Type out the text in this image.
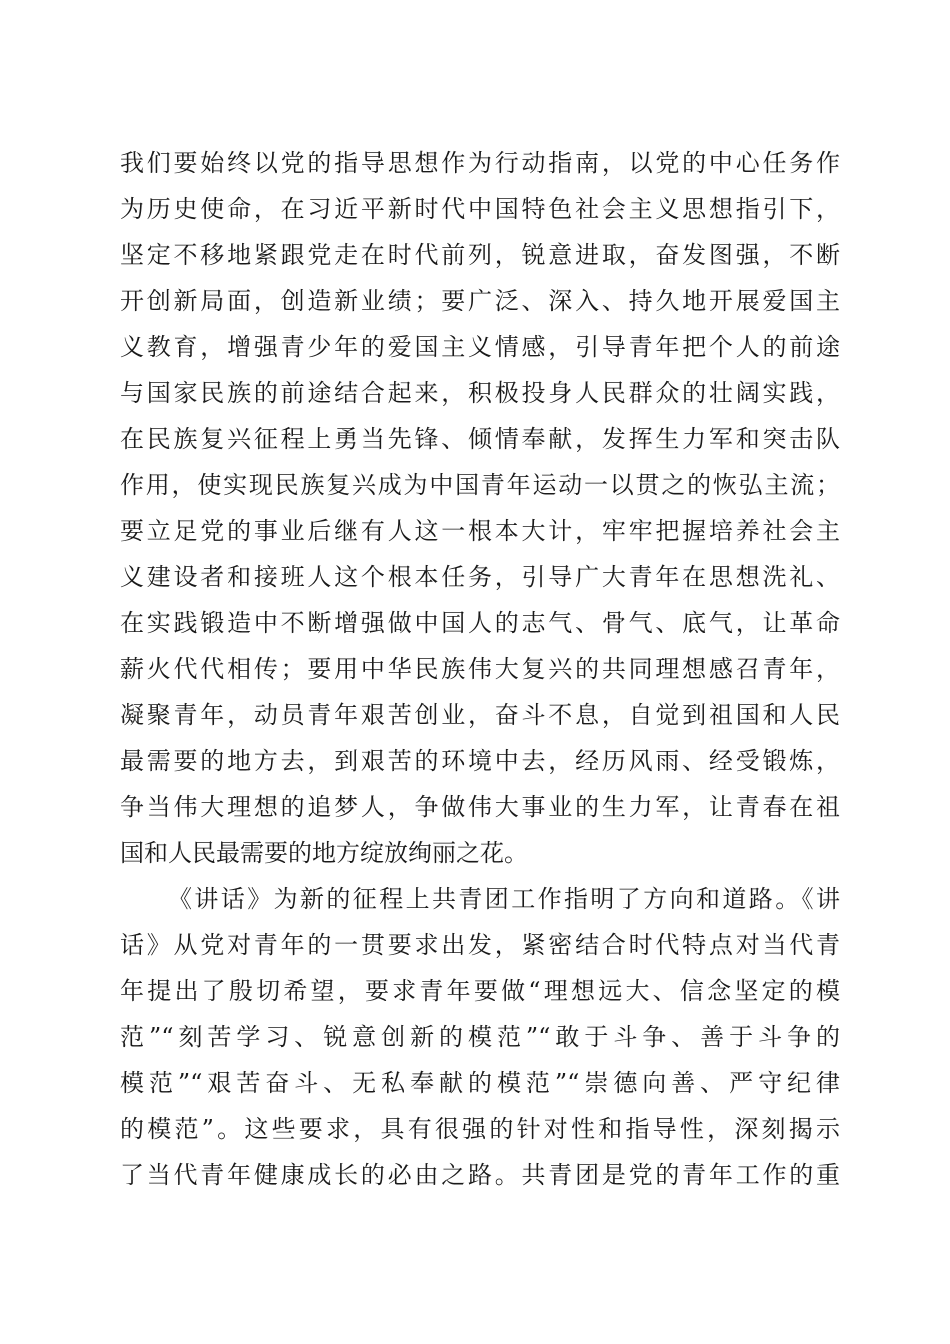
我们要始终以党的指导思想作为行动指南，以党的中心任务作
为历史使命，在习近平新时代中国特色社会主义思想指引下，
坚定不移地紧跟党走在时代前列，锐意进取，奋发图强，不断
开创新局面，创造新业绩；要广泛、深入、持久地开展爱国主
义教育，增强青少年的爱国主义情感，引导青年把个人的前途
与国家民族的前途结合起来，积极投身人民群众的壮阔实践，
在民族复兴征程上勇当先锋、倾情奉献，发挥生力军和突击队
作用，使实现民族复兴成为中国青年运动一以贯之的恢弘主流；
要立足党的事业后继有人这一根本大计，牢牢把握培养社会主
义建设者和接班人这个根本任务，引导广大青年在思想洗礼、
在实践锻造中不断增强做中国人的志气、骨气、底气，让革命
薪火代代相传；要用中华民族伟大复兴的共同理想感召青年，
凝聚青年，动员青年艰苦创业，奋斗不息，自觉到祖国和人民
最需要的地方去，到艰苦的环境中去，经历风雨、经受锻炼，
争当伟大理想的追梦人，争做伟大事业的生力军，让青春在祖
国和人民最需要的地方绽放绚丽之花。
《讲话》为新的征程上共青团工作指明了方向和道路。《讲
话》从党对青年的一贯要求出发，紧密结合时代特点对当代青
年提出了殷切希望，要求青年要做“理想远大、信念坚定的模
范”“刻苦学习、锐意创新的模范”“敢于斗争、善于斗争的
模范”“艰苦奋斗、无私奉献的模范”“崇德向善、严守纪律
的模范”。这些要求，具有很强的针对性和指导性，深刻揭示
了当代青年健康成长的必由之路。共青团是党的青年工作的重
